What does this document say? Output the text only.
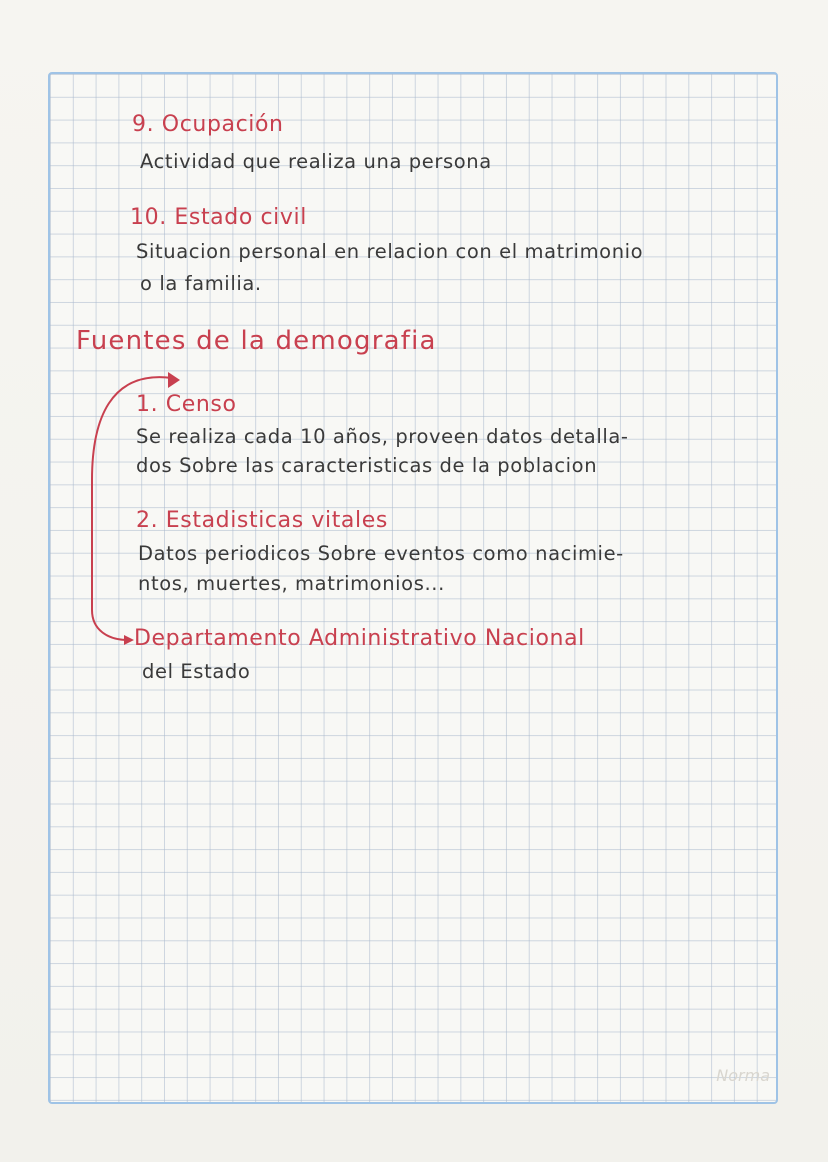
9. Ocupación
Actividad que realiza una persona
10. Estado civil
Situacion personal en relacion con el matrimonio
o la familia.
Fuentes de la demografia
1. Censo
Se realiza cada 10 años, proveen datos detalla-
dos Sobre las caracteristicas de la poblacion
2. Estadisticas vitales
Datos periodicos Sobre eventos como nacimie-
ntos, muertes, matrimonios...
Departamento Administrativo Nacional
del Estado
Norma
